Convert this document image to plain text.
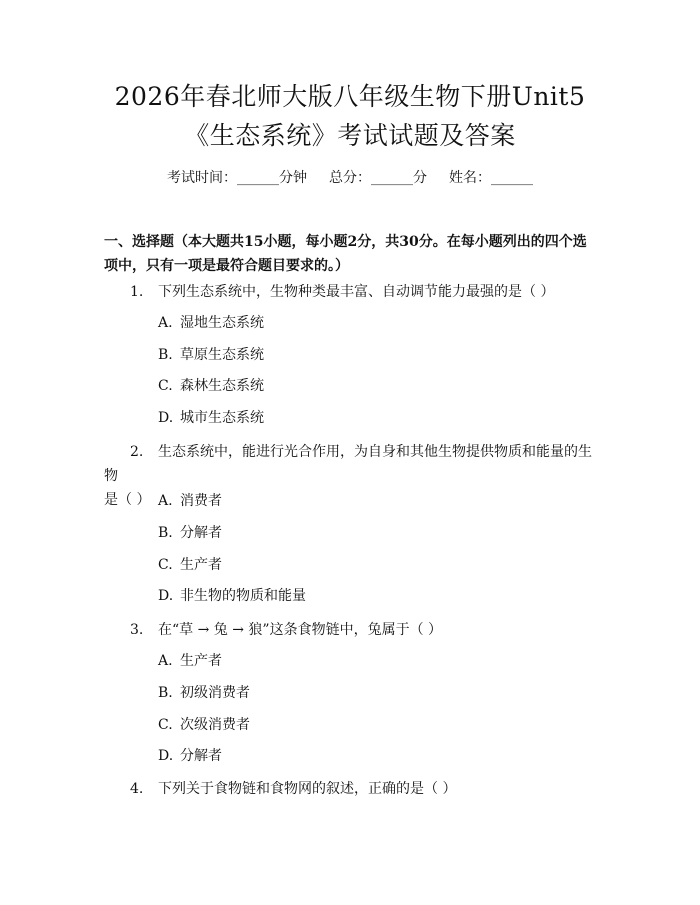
2026年春北师大版八年级生物下册Unit5
《生态系统》考试试题及答案
考试时间：______分钟 总分：______分 姓名：______
一、选择题（本大题共15小题，每小题2分，共30分。在每小题列出的四个选
项中，只有一项是最符合题目要求的。）
1. 下列生态系统中，生物种类最丰富、自动调节能力最强的是（ ）
A. 湿地生态系统
B. 草原生态系统
C. 森林生态系统
D. 城市生态系统
2. 生态系统中，能进行光合作用，为自身和其他生物提供物质和能量的生物
是（ ） A. 消费者
B. 分解者
C. 生产者
D. 非生物的物质和能量
3. 在“草 → 兔 → 狼”这条食物链中，兔属于（ ）
A. 生产者
B. 初级消费者
C. 次级消费者
D. 分解者
4. 下列关于食物链和食物网的叙述，正确的是（ ）
